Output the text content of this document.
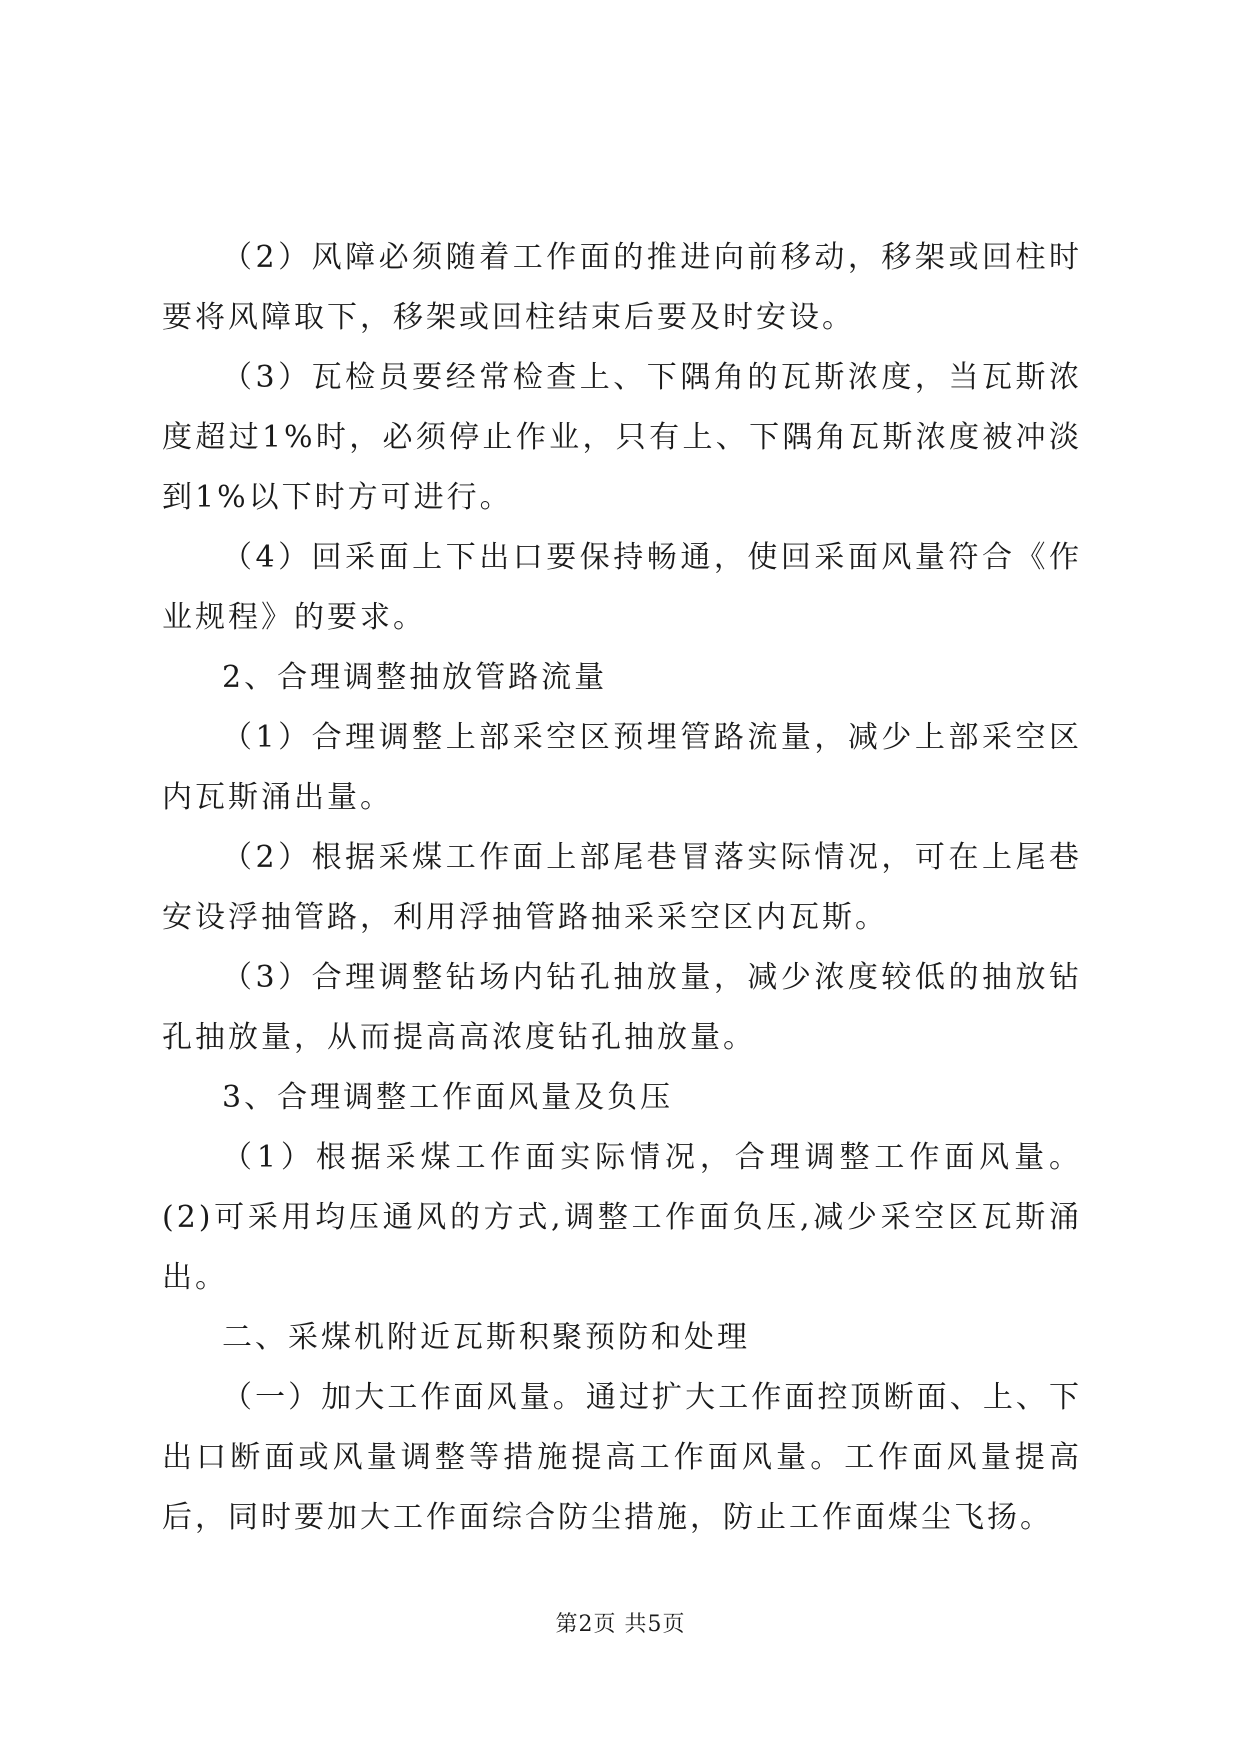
（2）风障必须随着工作面的推进向前移动，移架或回柱时要将风障取下，移架或回柱结束后要及时安设。

（3）瓦检员要经常检查上、下隅角的瓦斯浓度，当瓦斯浓度超过1%时，必须停止作业，只有上、下隅角瓦斯浓度被冲淡到1%以下时方可进行。

（4）回采面上下出口要保持畅通，使回采面风量符合《作业规程》的要求。

2、合理调整抽放管路流量

（1）合理调整上部采空区预埋管路流量，减少上部采空区内瓦斯涌出量。

（2）根据采煤工作面上部尾巷冒落实际情况，可在上尾巷安设浮抽管路，利用浮抽管路抽采采空区内瓦斯。

（3）合理调整钻场内钻孔抽放量，减少浓度较低的抽放钻孔抽放量，从而提高高浓度钻孔抽放量。

3、合理调整工作面风量及负压

（1）根据采煤工作面实际情况，合理调整工作面风量。(2)可采用均压通风的方式,调整工作面负压,减少采空区瓦斯涌出。

二、采煤机附近瓦斯积聚预防和处理

（一）加大工作面风量。通过扩大工作面控顶断面、上、下出口断面或风量调整等措施提高工作面风量。工作面风量提高后，同时要加大工作面综合防尘措施，防止工作面煤尘飞扬。

第2页 共5页
